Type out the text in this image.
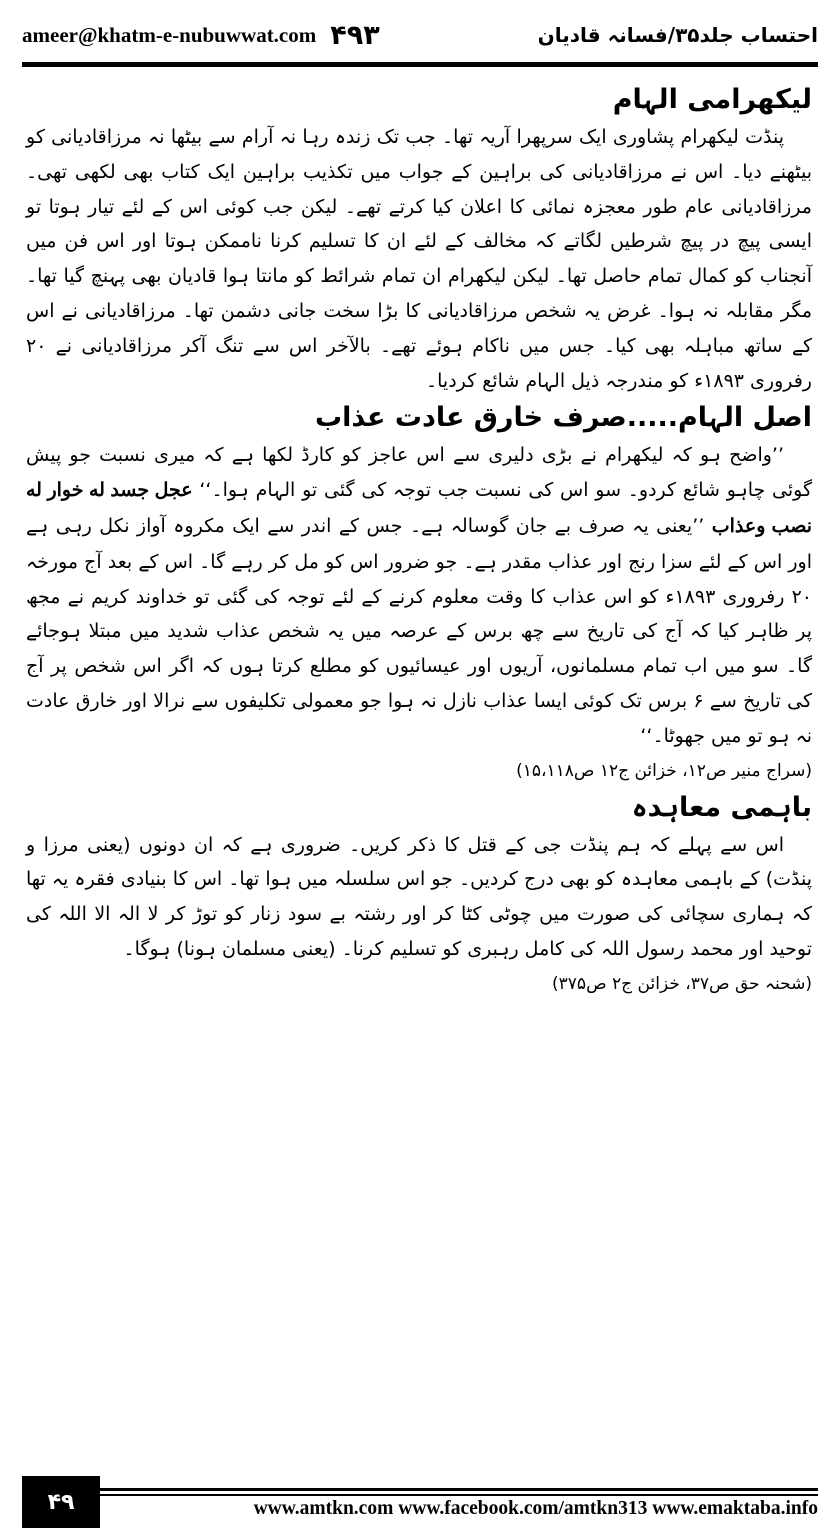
ameer@khatm-e-nubuwwat.com ۴۹۳	احتساب جلد۳۵/فسانہ قادیان
لیکھرامی الہام

پنڈت لیکھرام پشاوری ایک سرپھرا آریہ تھا۔ جب تک زندہ رہا نہ آرام سے بیٹھا نہ مرزاقادیانی کو بیٹھنے دیا۔ اس نے مرزاقادیانی کی براہین کے جواب میں تکذیب براہین ایک کتاب بھی لکھی تھی۔ مرزاقادیانی عام طور معجزہ نمائی کا اعلان کیا کرتے تھے۔ لیکن جب کوئی اس کے لئے تیار ہوتا تو ایسی پیچ در پیچ شرطیں لگاتے کہ مخالف کے لئے ان کا تسلیم کرنا ناممکن ہوتا اور اس فن میں آنجناب کو کمال تمام حاصل تھا۔ لیکن لیکھرام ان تمام شرائط کو مانتا ہوا قادیان بھی پہنچ گیا تھا۔ مگر مقابلہ نہ ہوا۔ غرض یہ شخص مرزاقادیانی کا بڑا سخت جانی دشمن تھا۔ مرزاقادیانی نے اس کے ساتھ مباہلہ بھی کیا۔ جس میں ناکام ہوئے تھے۔ بالآخر اس سے تنگ آکر مرزاقادیانی نے ۲۰ رفروری ۱۸۹۳ء کو مندرجہ ذیل الہام شائع کردیا۔

اصل الہام.....صرف خارق عادت عذاب

’’واضح ہو کہ لیکھرام نے بڑی دلیری سے اس عاجز کو کارڈ لکھا ہے کہ میری نسبت جو پیش گوئی چاہو شائع کردو۔ سو اس کی نسبت جب توجہ کی گئی تو الہام ہوا۔‘‘ عجل جسد له خوار له نصب وعذاب ’’یعنی یہ صرف بے جان گوسالہ ہے۔ جس کے اندر سے ایک مکروہ آواز نکل رہی ہے اور اس کے لئے سزا رنج اور عذاب مقدر ہے۔ جو ضرور اس کو مل کر رہے گا۔ اس کے بعد آج مورخہ ۲۰ رفروری ۱۸۹۳ء کو اس عذاب کا وقت معلوم کرنے کے لئے توجہ کی گئی تو خداوند کریم نے مجھ پر ظاہر کیا کہ آج کی تاریخ سے چھ برس کے عرصہ میں یہ شخص عذاب شدید میں مبتلا ہوجائے گا۔ سو میں اب تمام مسلمانوں، آریوں اور عیسائیوں کو مطلع کرتا ہوں کہ اگر اس شخص پر آج کی تاریخ سے ۶ برس تک کوئی ایسا عذاب نازل نہ ہوا جو معمولی تکلیفوں سے نرالا اور خارق عادت نہ ہو تو میں جھوٹا۔‘‘

(سراج منیر ص۱۲، خزائن ج۱۲ ص۱۵،۱۱۸)
باہمی معاہدہ

اس سے پہلے کہ ہم پنڈت جی کے قتل کا ذکر کریں۔ ضروری ہے کہ ان دونوں (یعنی مرزا و پنڈت) کے باہمی معاہدہ کو بھی درج کردیں۔ جو اس سلسلہ میں ہوا تھا۔ اس کا بنیادی فقرہ یہ تھا کہ ہماری سچائی کی صورت میں چوٹی کٹا کر اور رشتہ بے سود زنار کو توڑ کر لا الہ الا اللہ کی توحید اور محمد رسول اللہ کی کامل رہبری کو تسلیم کرنا۔ (یعنی مسلمان ہونا) ہوگا۔

(شحنہ حق ص۳۷، خزائن ج۲ ص۳۷۵)

۴۹	www.amtkn.com www.facebook.com/amtkn313 www.emaktaba.info
